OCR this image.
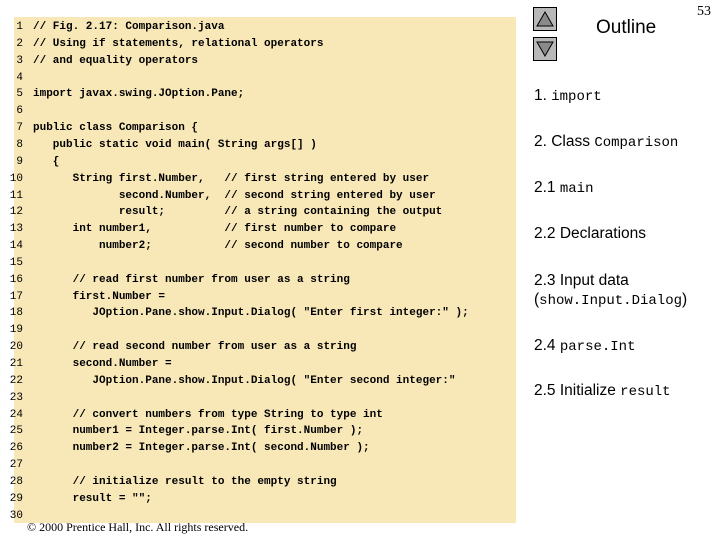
1 // Fig. 2.17: Comparison.java
2 // Using if statements, relational operators
3 // and equality operators
4
5 import javax.swing.JOption.Pane;
6
7 public class Comparison {
8   public static void main( String args[] )
9   {
10      String first.Number,   // first string entered by user
11             second.Number,  // second string entered by user
12             result;         // a string containing the output
13      int number1,           // first number to compare
14          number2;           // second number to compare
15
16      // read first number from user as a string
17      first.Number =
18         JOption.Pane.show.Input.Dialog( "Enter first integer:" );
19
20      // read second number from user as a string
21      second.Number =
22         JOption.Pane.show.Input.Dialog( "Enter second integer:"
23
24      // convert numbers from type String to type int
25      number1 = Integer.parse.Int( first.Number );
26      number2 = Integer.parse.Int( second.Number );
27
28      // initialize result to the empty string
29      result = "";
30
© 2000 Prentice Hall, Inc. All rights reserved.
Outline
53
1. import
2. Class Comparison
2.1 main
2.2 Declarations
2.3 Input data
(show.Input.Dialog)
2.4 parse.Int
2.5 Initialize result
